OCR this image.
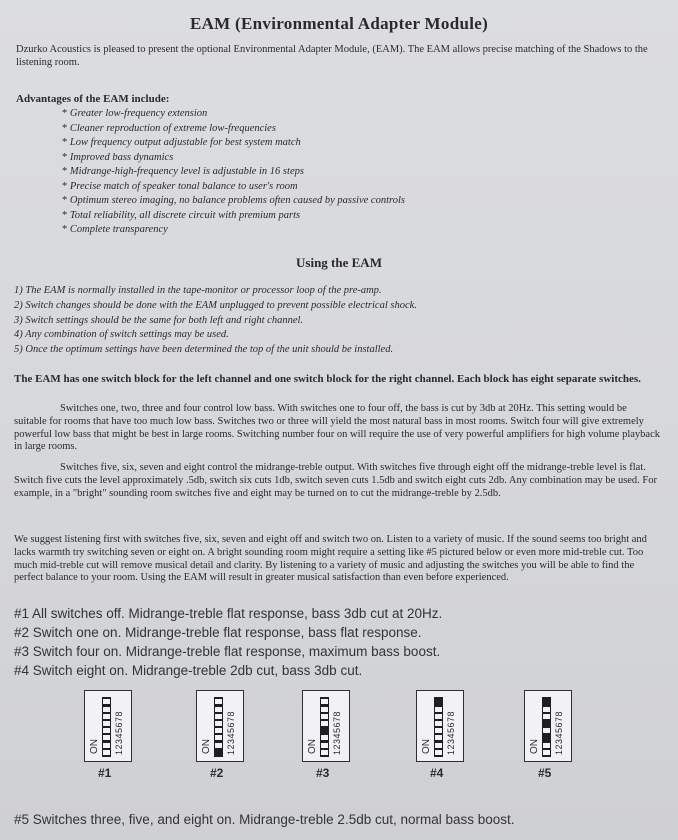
EAM (Environmental Adapter Module)
Dzurko Acoustics is pleased to present the optional Environmental Adapter Module, (EAM). The EAM allows precise matching of the Shadows to the listening room.
Advantages of the EAM include:
* Greater low-frequency extension
* Cleaner reproduction of extreme low-frequencies
* Low frequency output adjustable for best system match
* Improved bass dynamics
* Midrange-high-frequency level is adjustable in 16 steps
* Precise match of speaker tonal balance to user's room
* Optimum stereo imaging, no balance problems often caused by passive controls
* Total reliability, all discrete circuit with premium parts
* Complete transparency
Using the EAM
1) The EAM is normally installed in the tape-monitor or processor loop of the pre-amp.
2) Switch changes should be done with the EAM unplugged to prevent possible electrical shock.
3) Switch settings should be the same for both left and right channel.
4) Any combination of switch settings may be used.
5) Once the optimum settings have been determined the top of the unit should be installed.
The EAM has one switch block for the left channel and one switch block for the right channel. Each block has eight separate switches.

Switches one, two, three and four control low bass. With switches one to four off, the bass is cut by 3db at 20Hz. This setting would be suitable for rooms that have too much low bass. Switches two or three will yield the most natural bass in most rooms. Switch four will give extremely powerful low bass that might be best in large rooms. Switching number four on will require the use of very powerful amplifiers for high volume playback in large rooms.

Switches five, six, seven and eight control the midrange-treble output. With switches five through eight off the midrange-treble level is flat. Switch five cuts the level approximately .5db, switch six cuts 1db, switch seven cuts 1.5db and switch eight cuts 2db. Any combination may be used. For example, in a "bright" sounding room switches five and eight may be turned on to cut the midrange-treble by 2.5db.

We suggest listening first with switches five, six, seven and eight off and switch two on. Listen to a variety of music. If the sound seems too bright and lacks warmth try switching seven or eight on. A bright sounding room might require a setting like #5 pictured below or even more mid-treble cut. Too much mid-treble cut will remove musical detail and clarity. By listening to a variety of music and adjusting the switches you will be able to find the perfect balance to your room. Using the EAM will result in greater musical satisfaction than even before experienced.

#1 All switches off. Midrange-treble flat response, bass 3db cut at 20Hz.
#2 Switch one on. Midrange-treble flat response, bass flat response.
#3 Switch four on. Midrange-treble flat response, maximum bass boost.
#4 Switch eight on. Midrange-treble 2db cut, bass 3db cut.
ON 12345678
#1
ON 12345678
#2
ON 12345678
#3
ON 12345678
#4
ON 12345678
#5
#5 Switches three, five, and eight on. Midrange-treble 2.5db cut, normal bass boost.
